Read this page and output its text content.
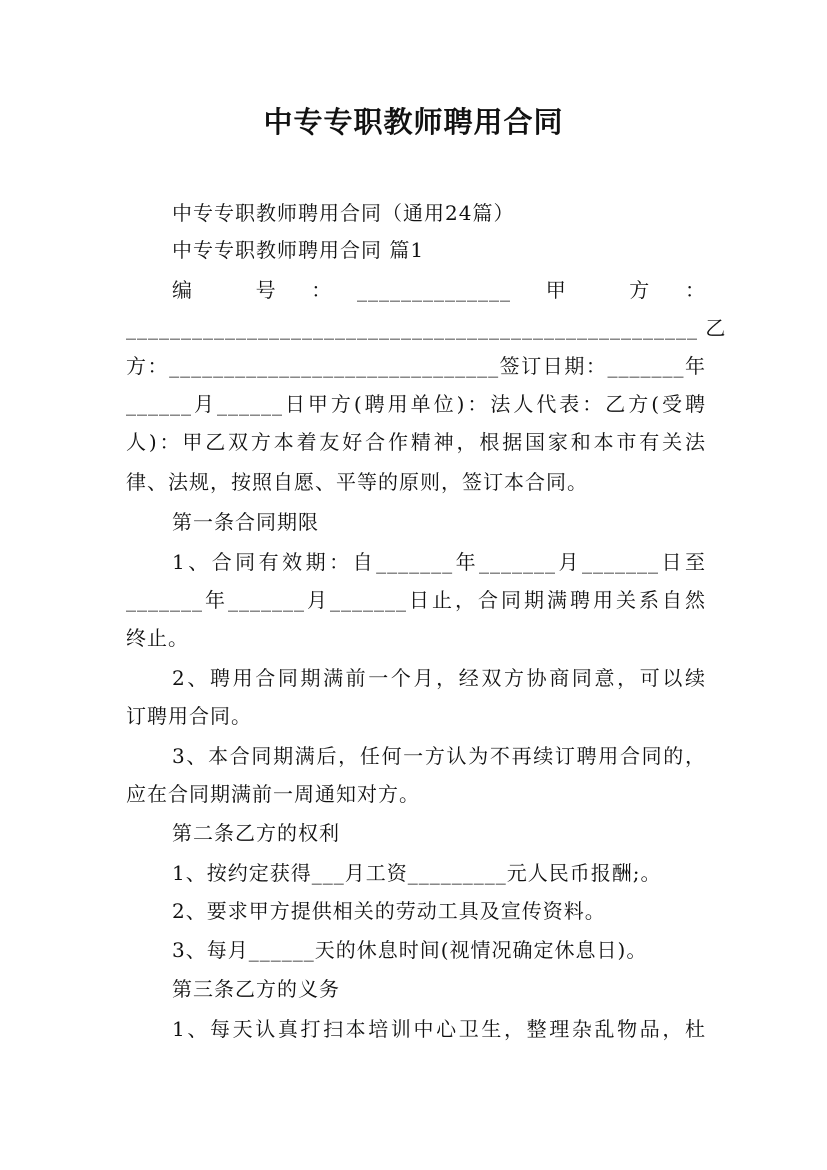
中专专职教师聘用合同
中专专职教师聘用合同（通用24篇）
中专专职教师聘用合同 篇1
编　　号　：　______________　甲　　方　：
____________________________________________________ 乙
方：______________________________签订日期：_______年
______月______日甲方(聘用单位)：法人代表：乙方(受聘
人)：甲乙双方本着友好合作精神，根据国家和本市有关法
律、法规，按照自愿、平等的原则，签订本合同。
第一条合同期限
1、合同有效期：自_______年_______月_______日至
_______年_______月_______日止，合同期满聘用关系自然
终止。
2、聘用合同期满前一个月，经双方协商同意，可以续
订聘用合同。
3、本合同期满后，任何一方认为不再续订聘用合同的，
应在合同期满前一周通知对方。
第二条乙方的权利
1、按约定获得___月工资_________元人民币报酬;。
2、要求甲方提供相关的劳动工具及宣传资料。
3、每月______天的休息时间(视情况确定休息日)。
第三条乙方的义务
1、每天认真打扫本培训中心卫生，整理杂乱物品，杜
